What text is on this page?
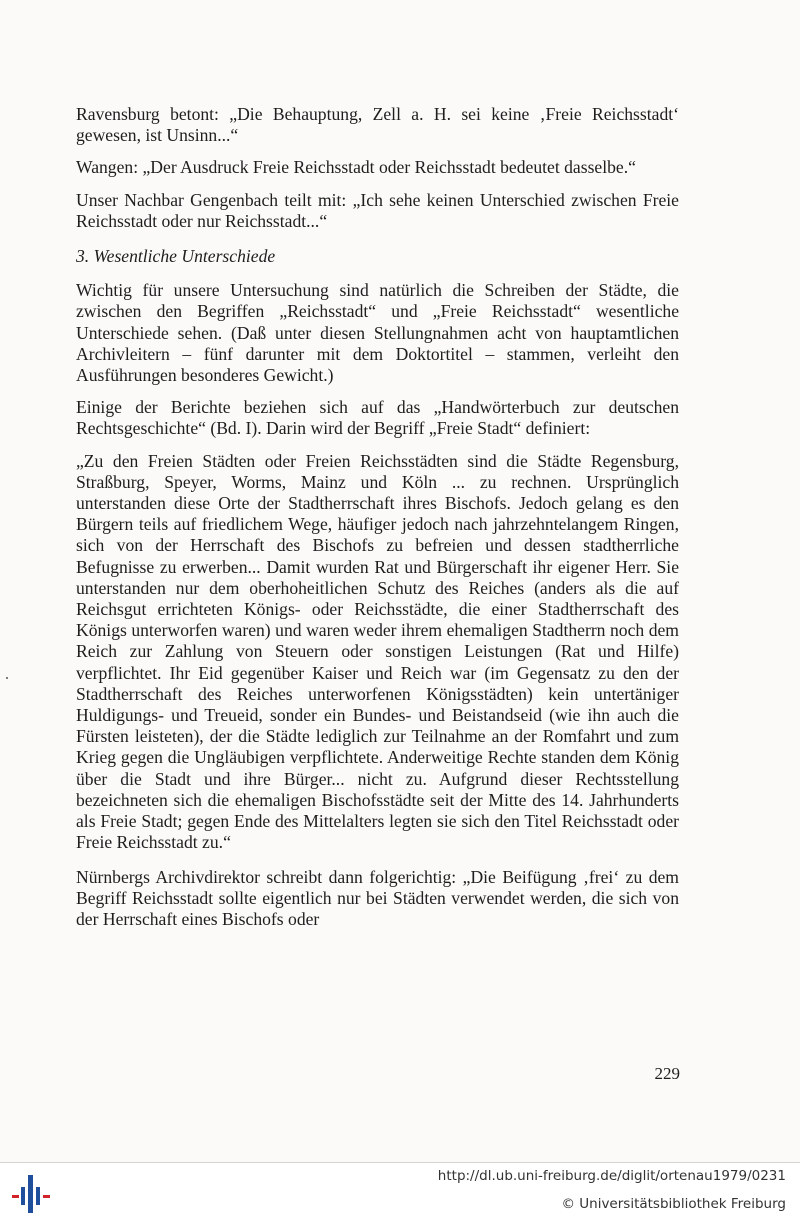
Ravensburg betont: „Die Behauptung, Zell a. H. sei keine ‚Freie Reichsstadt‘ gewesen, ist Unsinn...“

Wangen: „Der Ausdruck Freie Reichsstadt oder Reichsstadt bedeutet dasselbe.“

Unser Nachbar Gengenbach teilt mit: „Ich sehe keinen Unterschied zwischen Freie Reichsstadt oder nur Reichsstadt...“

3. Wesentliche Unterschiede

Wichtig für unsere Untersuchung sind natürlich die Schreiben der Städte, die zwischen den Begriffen „Reichsstadt“ und „Freie Reichsstadt“ wesentliche Unterschiede sehen. (Daß unter diesen Stellungnahmen acht von hauptamtlichen Archivleitern – fünf darunter mit dem Doktortitel – stammen, verleiht den Ausführungen besonderes Gewicht.)

Einige der Berichte beziehen sich auf das „Handwörterbuch zur deutschen Rechtsgeschichte“ (Bd. I). Darin wird der Begriff „Freie Stadt“ definiert:

„Zu den Freien Städten oder Freien Reichsstädten sind die Städte Regensburg, Straßburg, Speyer, Worms, Mainz und Köln ... zu rechnen. Ursprünglich unterstanden diese Orte der Stadtherrschaft ihres Bischofs. Jedoch gelang es den Bürgern teils auf friedlichem Wege, häufiger jedoch nach jahrzehntelangem Ringen, sich von der Herrschaft des Bischofs zu befreien und dessen stadtherrliche Befugnisse zu erwerben... Damit wurden Rat und Bürgerschaft ihr eigener Herr. Sie unterstanden nur dem oberhoheitlichen Schutz des Reiches (anders als die auf Reichsgut errichteten Königs- oder Reichsstädte, die einer Stadtherrschaft des Königs unterworfen waren) und waren weder ihrem ehemaligen Stadtherrn noch dem Reich zur Zahlung von Steuern oder sonstigen Leistungen (Rat und Hilfe) verpflichtet. Ihr Eid gegenüber Kaiser und Reich war (im Gegensatz zu den der Stadtherrschaft des Reiches unterworfenen Königsstädten) kein untertäniger Huldigungs- und Treueid, sonder ein Bundes- und Beistandseid (wie ihn auch die Fürsten leisteten), der die Städte lediglich zur Teilnahme an der Romfahrt und zum Krieg gegen die Ungläubigen verpflichtete. Anderweitige Rechte standen dem König über die Stadt und ihre Bürger... nicht zu. Aufgrund dieser Rechtsstellung bezeichneten sich die ehemaligen Bischofsstädte seit der Mitte des 14. Jahrhunderts als Freie Stadt; gegen Ende des Mittelalters legten sie sich den Titel Reichsstadt oder Freie Reichsstadt zu.“

Nürnbergs Archivdirektor schreibt dann folgerichtig: „Die Beifügung ‚frei‘ zu dem Begriff Reichsstadt sollte eigentlich nur bei Städten verwendet werden, die sich von der Herrschaft eines Bischofs oder

229
http://dl.ub.uni-freiburg.de/diglit/ortenau1979/0231
© Universitätsbibliothek Freiburg
